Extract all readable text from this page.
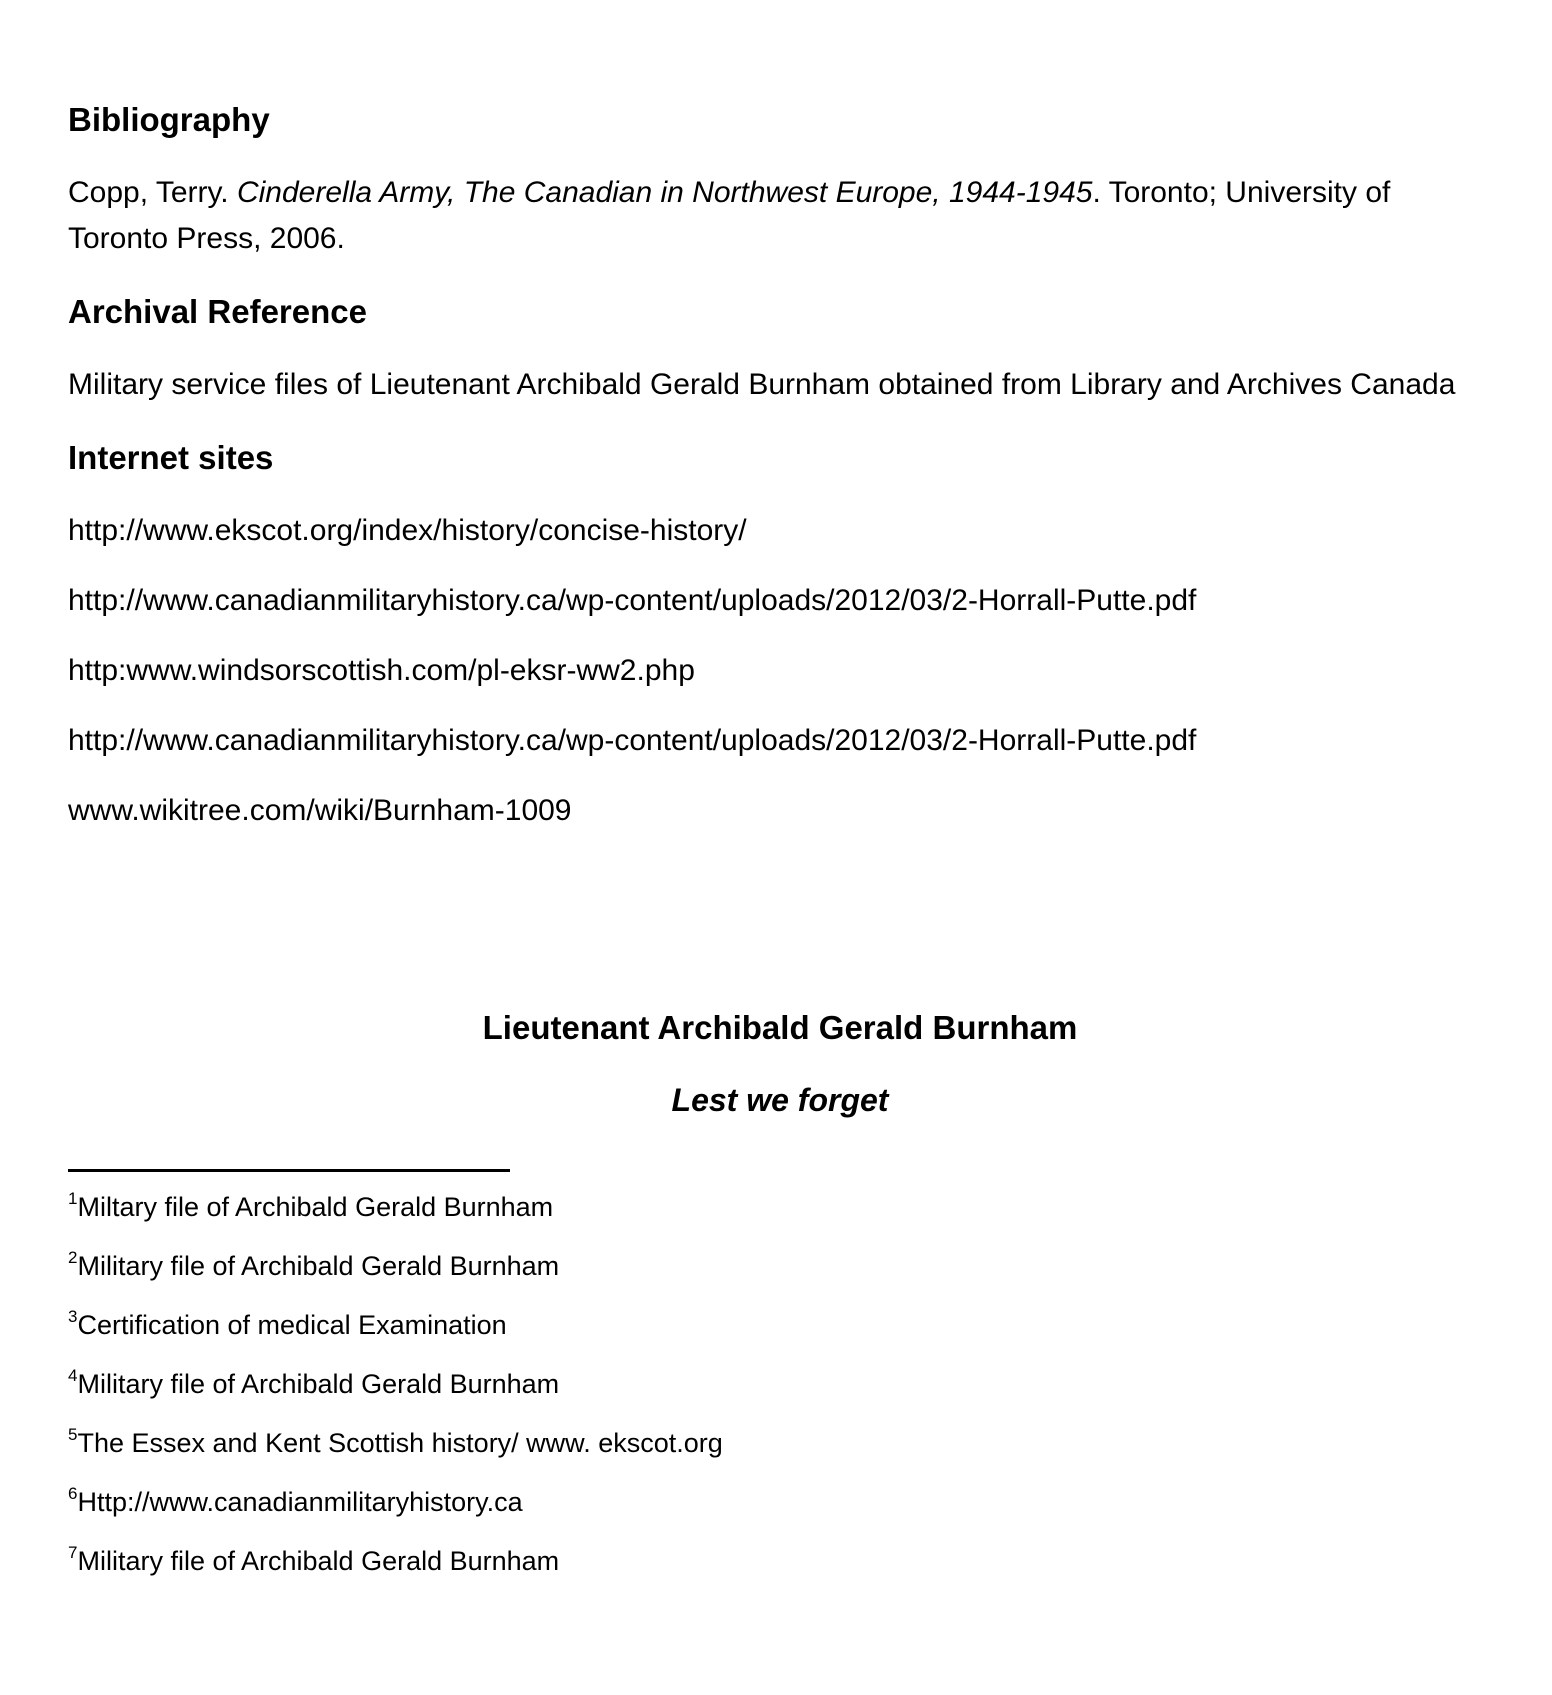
Bibliography

Copp, Terry. Cinderella Army, The Canadian in Northwest Europe, 1944-1945. Toronto; University of Toronto Press, 2006.

Archival Reference

Military service files of Lieutenant Archibald Gerald Burnham obtained from Library and Archives Canada

Internet sites

http://www.ekscot.org/index/history/concise-history/

http://www.canadianmilitaryhistory.ca/wp-content/uploads/2012/03/2-Horrall-Putte.pdf

http:www.windsorscottish.com/pl-eksr-ww2.php

http://www.canadianmilitaryhistory.ca/wp-content/uploads/2012/03/2-Horrall-Putte.pdf

www.wikitree.com/wiki/Burnham-1009

Lieutenant Archibald Gerald Burnham
Lest we forget

$^1$Miltary file of Archibald Gerald Burnham

$^2$Military file of Archibald Gerald Burnham

$^3$Certification of medical Examination

$^4$Military file of Archibald Gerald Burnham

$^5$The Essex and Kent Scottish history/ www. ekscot.org

$^6$Http://www.canadianmilitaryhistory.ca

$^7$Military file of Archibald Gerald Burnham
